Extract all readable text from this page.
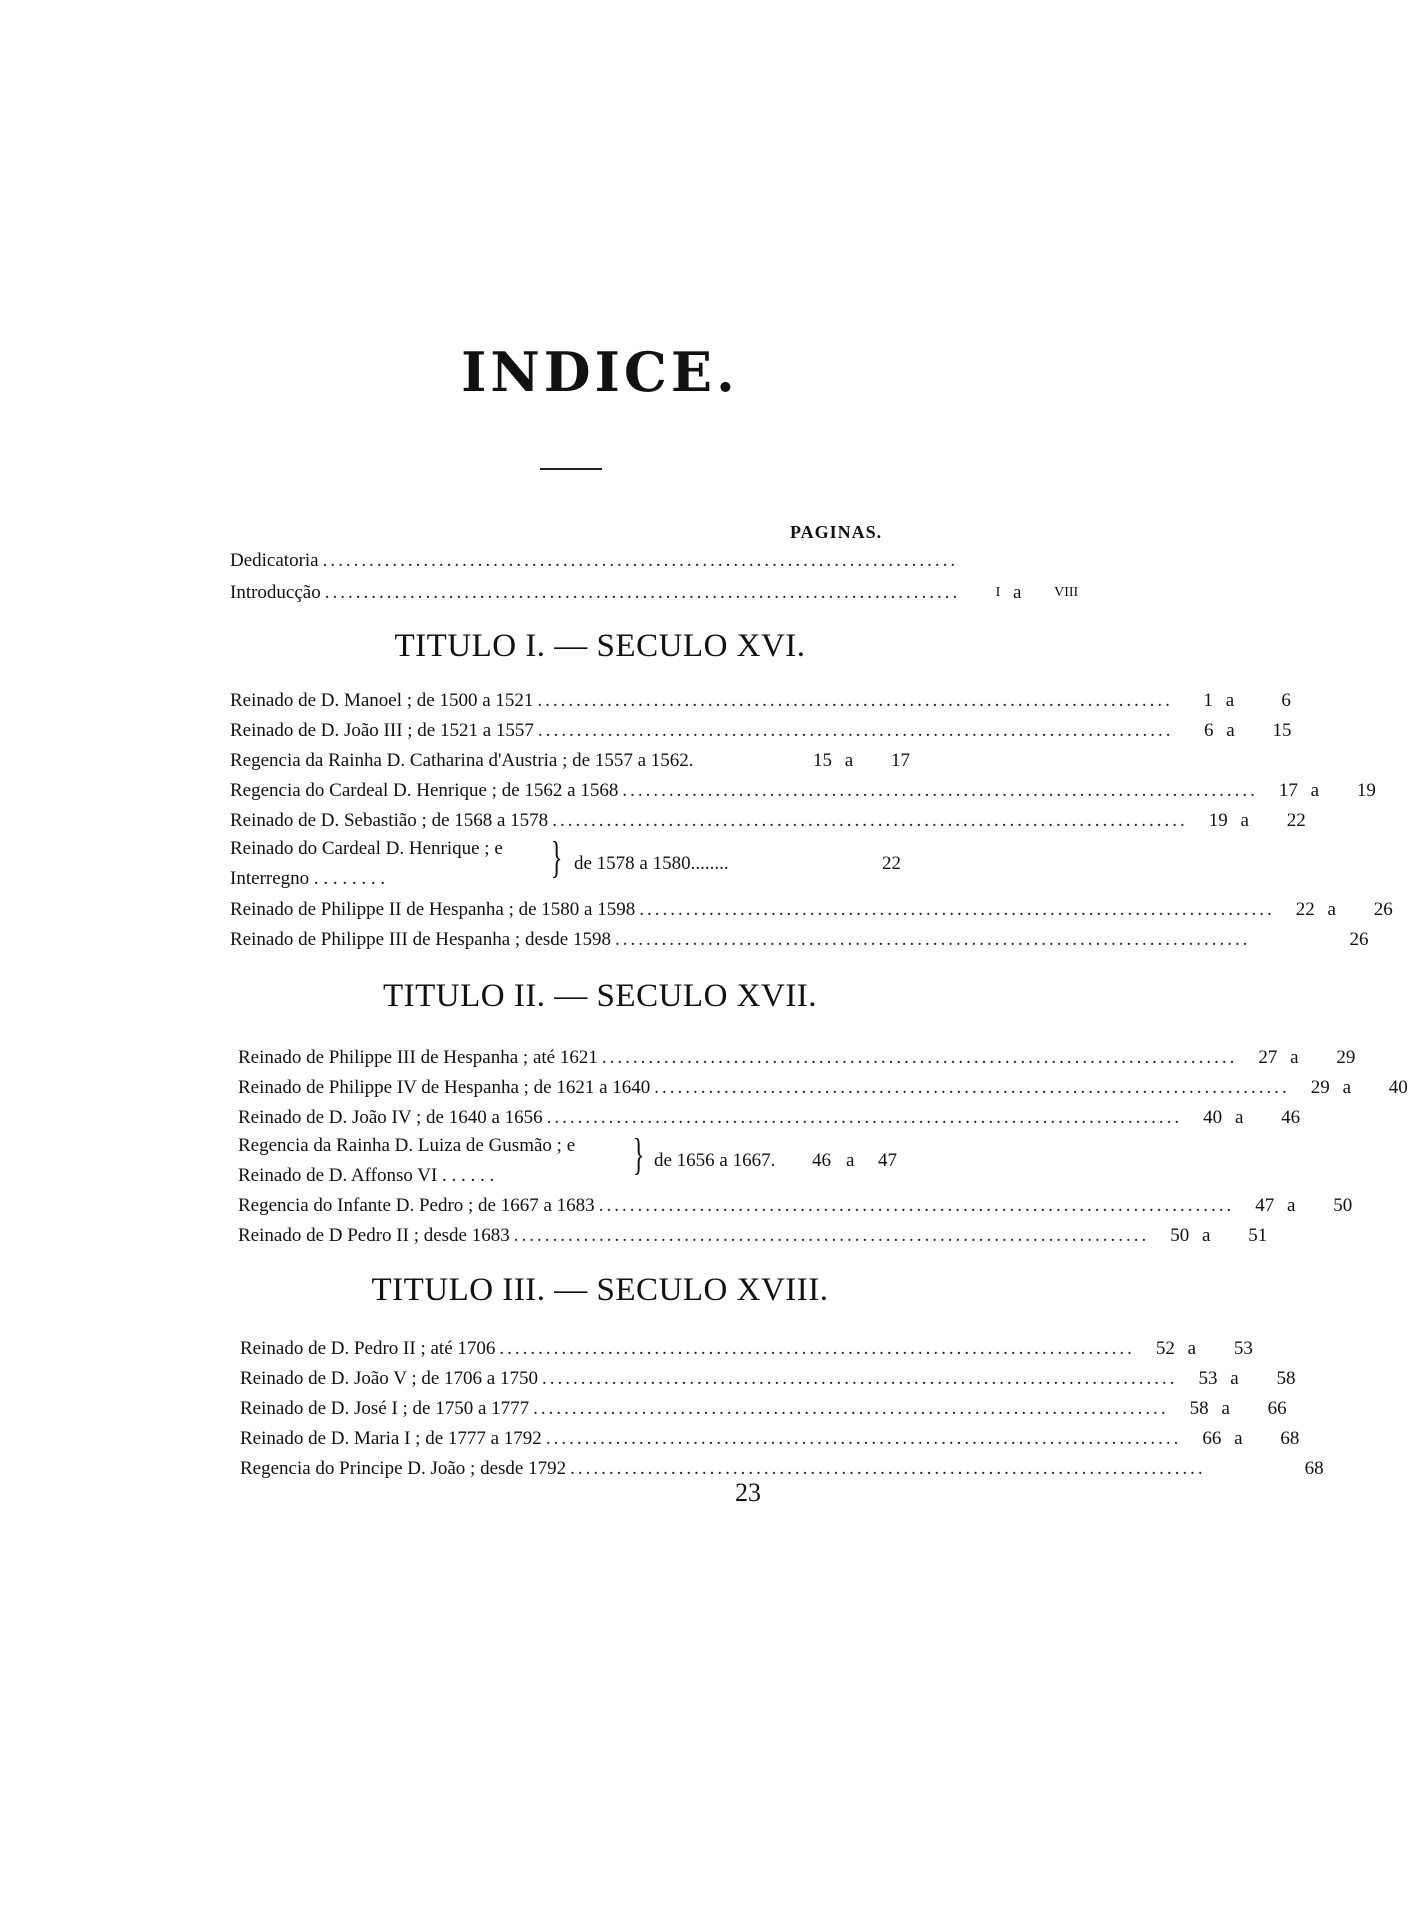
INDICE.
PAGINAS.
Dedicatoria ..................................................................................
Introducção ..................................................................................	I a	VIII
TITULO I. — SECULO XVI.
Reinado de D. Manoel ; de 1500 a 1521 ..................................................................................	1 a	6
Reinado de D. João III ; de 1521 a 1557 ..................................................................................	6 a	15
Regencia da Rainha D. Catharina d'Austria ; de 1557 a 1562.	15 a	17
Regencia do Cardeal D. Henrique ; de 1562 a 1568 ..................................................................................	17 a	19
Reinado de D. Sebastião ; de 1568 a 1578 ..................................................................................	19 a	22
Reinado do Cardeal D. Henrique ; e
Interregno . . . . . . . .	} de 1578 a 1580........	22
Reinado de Philippe II de Hespanha ; de 1580 a 1598 ..................................................................................	22 a	26
Reinado de Philippe III de Hespanha ; desde 1598 ..................................................................................	26
TITULO II. — SECULO XVII.
Reinado de Philippe III de Hespanha ; até 1621 ..................................................................................	27 a	29
Reinado de Philippe IV de Hespanha ; de 1621 a 1640 ..................................................................................	29 a	40
Reinado de D. João IV ; de 1640 a 1656 ..................................................................................	40 a	46
Regencia da Rainha D. Luiza de Gusmão ; e
Reinado de D. Affonso VI . . . . . .	} de 1656 a 1667. 46 a 47
Regencia do Infante D. Pedro ; de 1667 a 1683 ..................................................................................	47 a	50
Reinado de D Pedro II ; desde 1683 ..................................................................................	50 a	51
TITULO III. — SECULO XVIII.
Reinado de D. Pedro II ; até 1706 ..................................................................................	52 a	53
Reinado de D. João V ; de 1706 a 1750 ..................................................................................	53 a	58
Reinado de D. José I ; de 1750 a 1777 ..................................................................................	58 a	66
Reinado de D. Maria I ; de 1777 a 1792 ..................................................................................	66 a	68
Regencia do Principe D. João ; desde 1792 ..................................................................................	68
23
